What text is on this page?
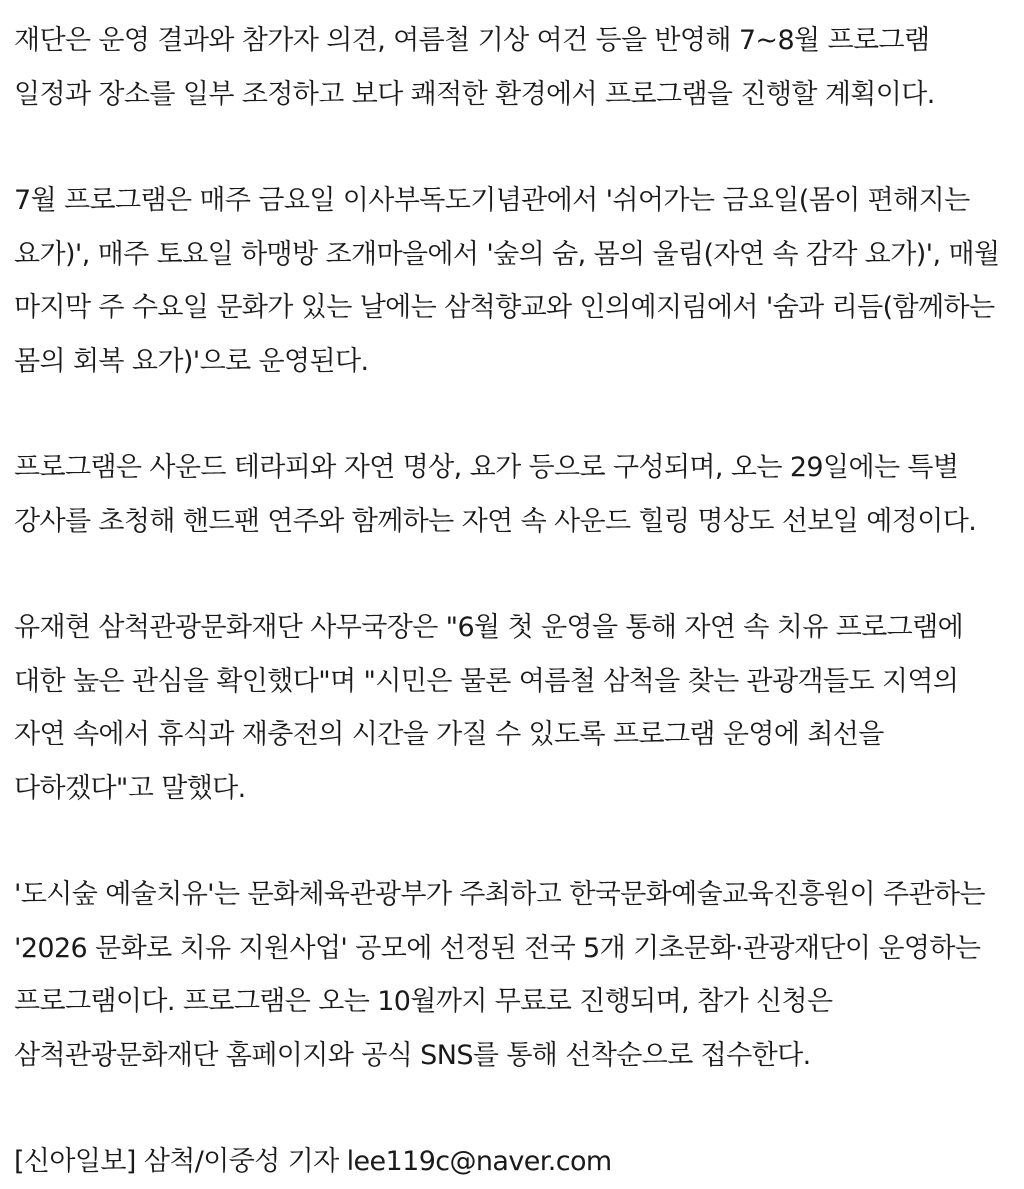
재단은 운영 결과와 참가자 의견, 여름철 기상 여건 등을 반영해 7~8월 프로그램 일정과 장소를 일부 조정하고 보다 쾌적한 환경에서 프로그램을 진행할 계획이다.

7월 프로그램은 매주 금요일 이사부독도기념관에서 '쉬어가는 금요일(몸이 편해지는 요가)', 매주 토요일 하맹방 조개마을에서 '숲의 숨, 몸의 울림(자연 속 감각 요가)', 매월 마지막 주 수요일 문화가 있는 날에는 삼척향교와 인의예지림에서 '숨과 리듬(함께하는 몸의 회복 요가)'으로 운영된다.

프로그램은 사운드 테라피와 자연 명상, 요가 등으로 구성되며, 오는 29일에는 특별 강사를 초청해 핸드팬 연주와 함께하는 자연 속 사운드 힐링 명상도 선보일 예정이다.

유재현 삼척관광문화재단 사무국장은 "6월 첫 운영을 통해 자연 속 치유 프로그램에 대한 높은 관심을 확인했다"며 "시민은 물론 여름철 삼척을 찾는 관광객들도 지역의 자연 속에서 휴식과 재충전의 시간을 가질 수 있도록 프로그램 운영에 최선을 다하겠다"고 말했다.

'도시숲 예술치유'는 문화체육관광부가 주최하고 한국문화예술교육진흥원이 주관하는 '2026 문화로 치유 지원사업' 공모에 선정된 전국 5개 기초문화·관광재단이 운영하는 프로그램이다. 프로그램은 오는 10월까지 무료로 진행되며, 참가 신청은 삼척관광문화재단 홈페이지와 공식 SNS를 통해 선착순으로 접수한다.

[신아일보] 삼척/이중성 기자 lee119c@naver.com
